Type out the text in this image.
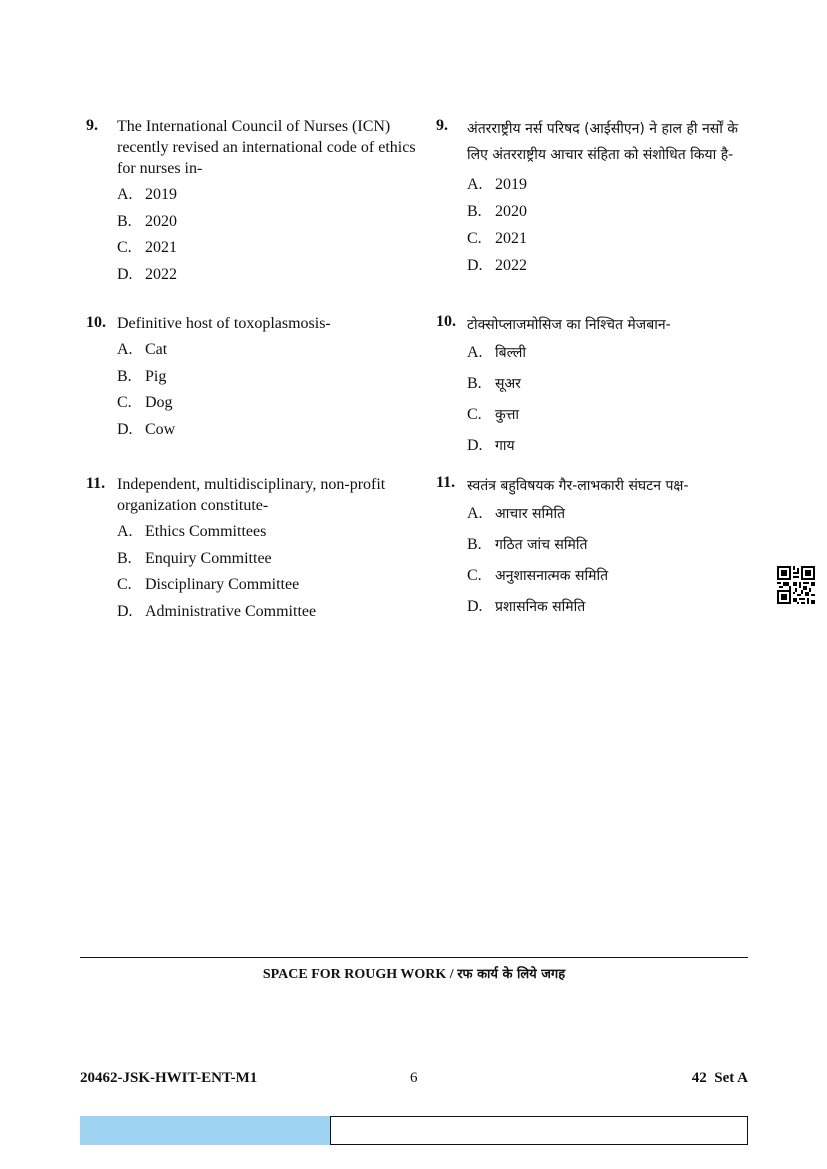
9.	The International Council of Nurses (ICN) recently revised an international code of ethics for nurses in-

A. 2019
B. 2020
C. 2021
D. 2022
10. Definitive host of toxoplasmosis-

A. Cat
B. Pig
C. Dog
D. Cow
11. Independent, multidisciplinary, non-profit organization constitute-

A. Ethics Committees
B. Enquiry Committee
C. Disciplinary Committee
D. Administrative Committee
9.	अंतरराष्ट्रीय नर्स परिषद (आईसीएन) ने हाल ही नर्सों के लिए अंतरराष्ट्रीय आचार संहिता को संशोधित किया है-

A. 2019
B. 2020
C. 2021
D. 2022
10. टोक्सोप्लाजमोसिज का निश्चित मेजबान-

A. बिल्ली
B. सूअर
C. कुत्ता
D. गाय
11. स्वतंत्र बहुविषयक गैर-लाभकारी संघटन पक्ष-

A. आचार समिति
B. गठित जांच समिति
C. अनुशासनात्मक समिति
D. प्रशासनिक समिति
SPACE FOR ROUGH WORK / रफ कार्य के लिये जगह
20462-JSK-HWIT-ENT-M1	6	42  Set A
